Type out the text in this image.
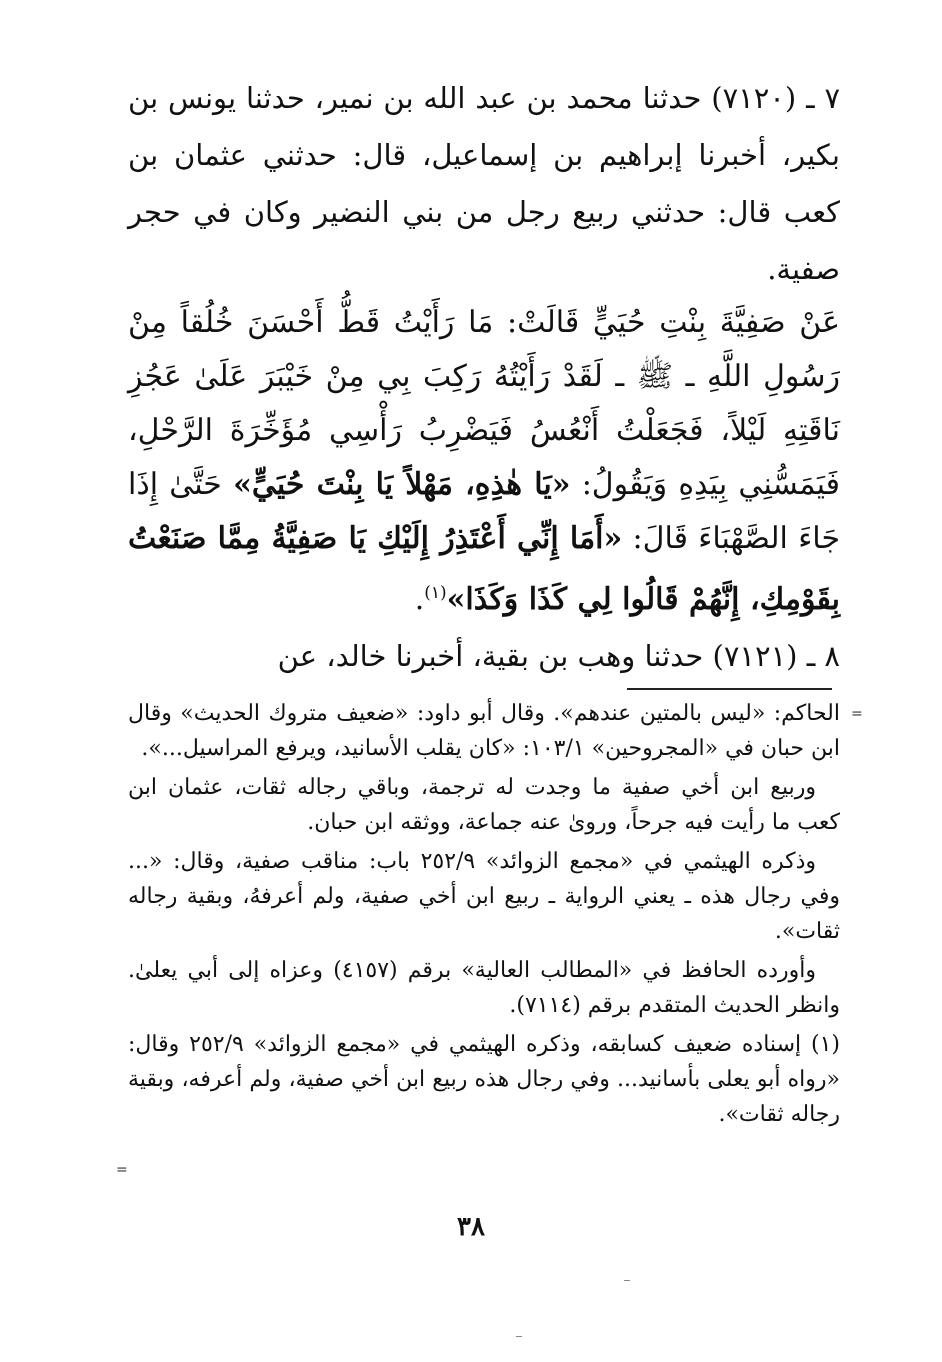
٧ ـ (٧١٢٠) حدثنا محمد بن عبد الله بن نمير، حدثنا يونس بن بكير، أخبرنا إبراهيم بن إسماعيل، قال: حدثني عثمان بن كعب قال: حدثني ربيع رجل من بني النضير وكان في حجر صفية.
عَنْ صَفِيَّةَ بِنْتِ حُيَيٍّ قَالَتْ: مَا رَأَيْتُ قَطُّ أَحْسَنَ خُلُقاً مِنْ رَسُولِ اللَّهِ ـ ﷺ ـ لَقَدْ رَأَيْتُهُ رَكِبَ بِي مِنْ خَيْبَرَ عَلَىٰ عَجُزِ نَاقَتِهِ لَيْلاً، فَجَعَلْتُ أَنْعُسُ فَيَضْرِبُ رَأْسِي مُؤَخِّرَةَ الرَّحْلِ، فَيَمَسُّنِي بِيَدِهِ وَيَقُولُ: «يَا هٰذِهِ، مَهْلاً يَا بِنْتَ حُيَيٍّ» حَتَّىٰ إِذَا جَاءَ الصَّهْبَاءَ قَالَ: «أَمَا إِنِّي أَعْتَذِرُ إِلَيْكِ يَا صَفِيَّةُ مِمَّا صَنَعْتُ بِقَوْمِكِ، إِنَّهُمْ قَالُوا لِي كَذَا وَكَذَا»$^{(١)}$.
٨ ـ (٧١٢١) حدثنا وهب بن بقية، أخبرنا خالد، عن
=

الحاكم: «ليس بالمتين عندهم». وقال أبو داود: «ضعيف متروك الحديث» وقال ابن حبان في «المجروحين» ١٠٣/١: «كان يقلب الأسانيد، ويرفع المراسيل...».

وربيع ابن أخي صفية ما وجدت له ترجمة، وباقي رجاله ثقات، عثمان ابن كعب ما رأيت فيه جرحاً، وروىٰ عنه جماعة، ووثقه ابن حبان.

وذكره الهيثمي في «مجمع الزوائد» ٢٥٢/٩ باب: مناقب صفية، وقال: «... وفي رجال هذه ـ يعني الرواية ـ ربيع ابن أخي صفية، ولم أعرفهُ، وبقية رجاله ثقات».

وأورده الحافظ في «المطالب العالية» برقم (٤١٥٧) وعزاه إلى أبي يعلىٰ. وانظر الحديث المتقدم برقم (٧١١٤).

(١) إسناده ضعيف كسابقه، وذكره الهيثمي في «مجمع الزوائد» ٢٥٢/٩ وقال: «رواه أبو يعلى بأسانيد... وفي رجال هذه ربيع ابن أخي صفية، ولم أعرفه، وبقية رجاله ثقات».

=
٣٨
